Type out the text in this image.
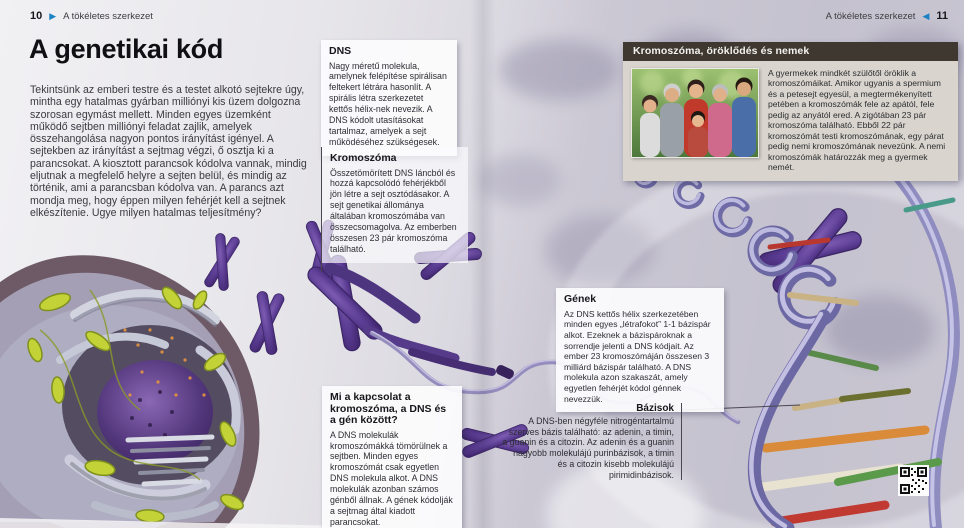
10 ▶ A tökéletes szerkezet	A tökéletes szerkezet ◀ 11
A genetikai kód

Tekintsünk az emberi testre és a testet alkotó sejtekre úgy, mintha egy hatalmas gyárban milliónyi kis üzem dolgozna szorosan egymást mellett. Minden egyes üzemként működő sejtben milliónyi feladat zajlik, amelyek összehangolása nagyon pontos irányítást igényel. A sejtekben az irányítást a sejtmag végzi, ő osztja ki a parancsokat. A kiosztott parancsok kódolva vannak, mindig eljutnak a megfelelő helyre a sejten belül, és mindig az történik, ami a parancsban kódolva van. A parancs azt mondja meg, hogy éppen milyen fehérjét kell a sejtnek elkészítenie. Ugye milyen hatalmas teljesítmény?

DNS

Nagy méretű molekula, amelynek felépítése spirálisan feltekert létrára hasonlít. A spirális létra szerkezetet kettős hélix-nek nevezik. A DNS kódolt utasításokat tartalmaz, amelyek a sejt működéséhez szükségesek.

Kromoszóma

Összetömörített DNS láncból és hozzá kapcsolódó fehérjékből jön létre a sejt osztódásakor. A sejt genetikai állománya általában kromoszómába van összecsomagolva. Az emberben összesen 23 pár kromoszóma található.

Mi a kapcsolat a kromoszóma, a DNS és a gén között?

A DNS molekulák kromoszómákká tömörülnek a sejtben. Minden egyes kromoszómát csak egyetlen DNS molekula alkot. A DNS molekulák azonban számos génből állnak. A gének kódolják a sejtmag által kiadott parancsokat.

Gének

Az DNS kettős hélix szerkezetében minden egyes „létrafokot” 1-1 bázispár alkot. Ezeknek a bázispároknak a sorrendje jelenti a DNS kódjait. Az ember 23 kromoszómáján összesen 3 milliárd bázispár található. A DNS molekula azon szakaszát, amely egyetlen fehérjét kódol génnek nevezzük.

Bázisok

A DNS-ben négyféle nitrogéntartalmú szerves bázis található: az adenin, a timin, a guanin és a citozin. Az adenin és a guanin nagyobb molekulájú purinbázisok, a timin és a citozin kisebb molekulájú pirimidinbázisok.

Kromoszóma, öröklődés és nemek

A gyermekek mindkét szülőtől öröklik a kromoszómáikat. Amikor ugyanis a spermium és a petesejt egyesül, a megtermékenyített petében a kromoszómák fele az apától, fele pedig az anyától ered. A zigótában 23 pár kromoszóma található. Ebből 22 pár kromoszómát testi kromoszómának, egy párat pedig nemi kromoszómának nevezünk. A nemi kromoszómák határozzák meg a gyermek nemét.
